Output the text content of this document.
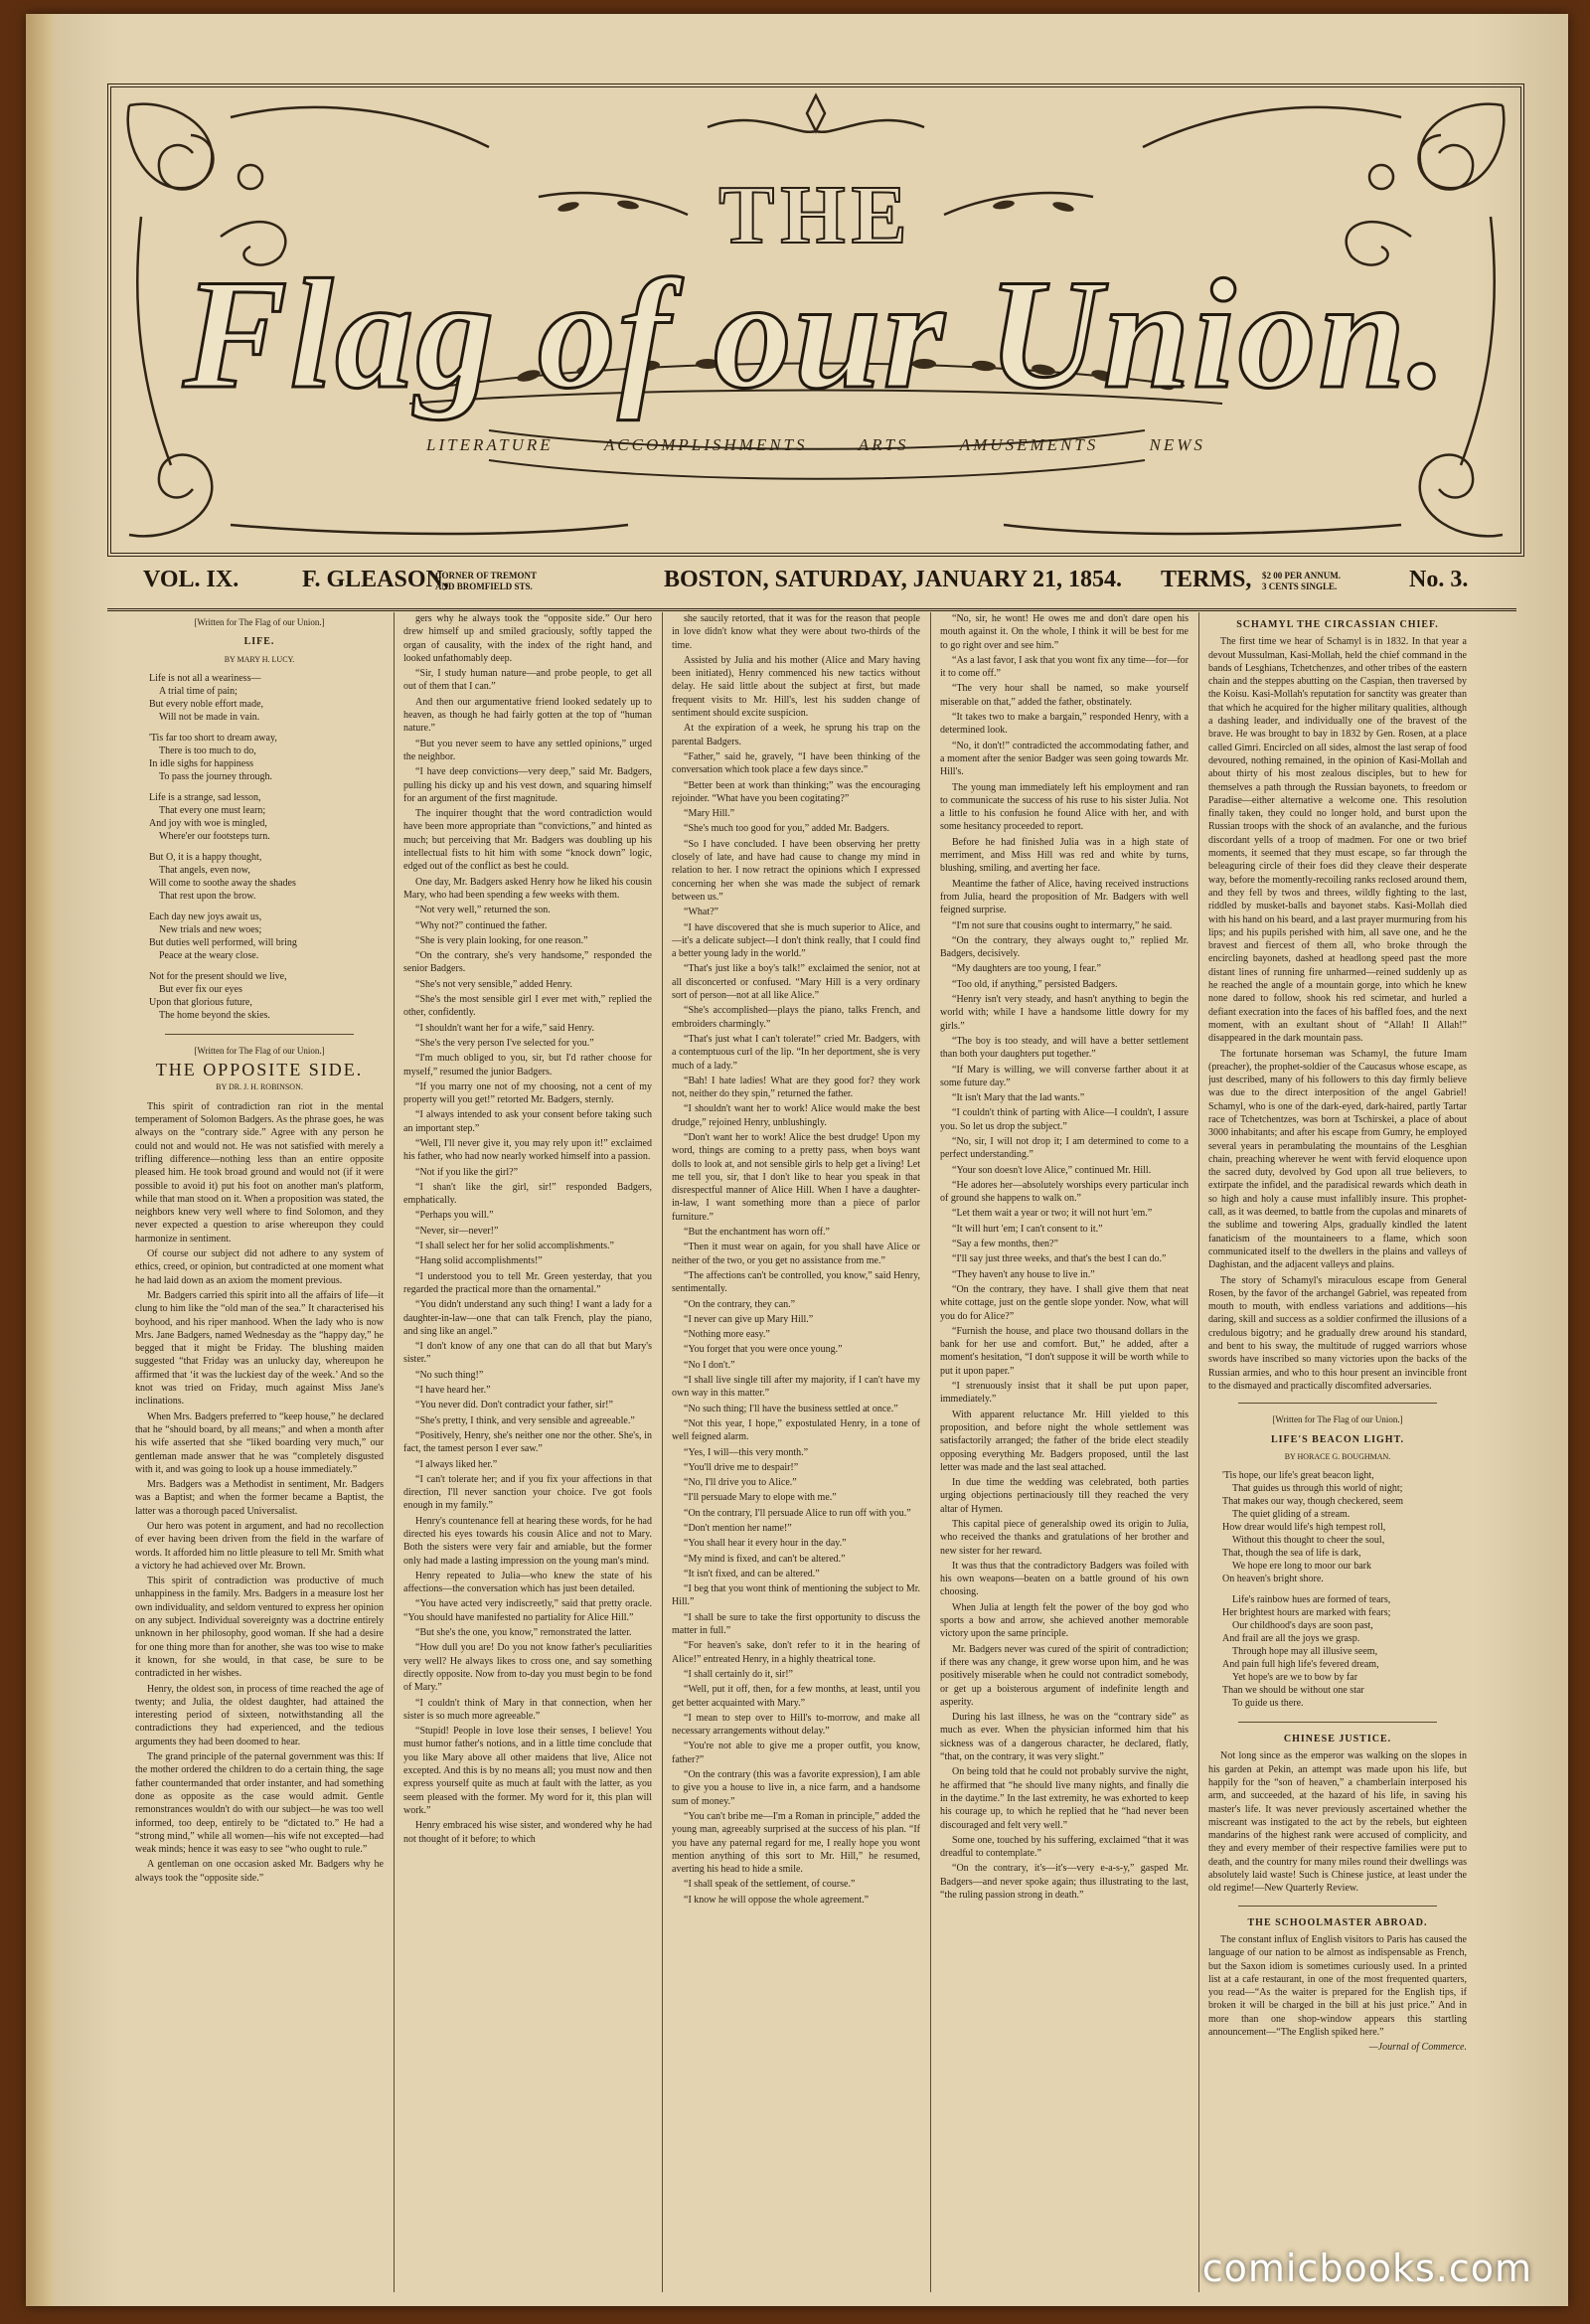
THE
Flag of our Union.
LITERATURE	ACCOMPLISHMENTS	ARTS	AMUSEMENTS	NEWS
VOL. IX.	F. GLEASON,
CORNER OF TREMONT
AND BROMFIELD STS.	BOSTON, SATURDAY, JANUARY 21, 1854. TERMS, $2 00 PER ANNUM.
3 CENTS SINGLE.	No. 3.

[Written for The Flag of our Union.]

LIFE.

BY MARY H. LUCY.

Life is not all a weariness—
A trial time of pain;
But every noble effort made,
Will not be made in vain.
'Tis far too short to dream away,
There is too much to do,
In idle sighs for happiness
To pass the journey through.
Life is a strange, sad lesson,
That every one must learn;
And joy with woe is mingled,
Where'er our footsteps turn.
But O, it is a happy thought,
That angels, even now,
Will come to soothe away the shades
That rest upon the brow.
Each day new joys await us,
New trials and new woes;
But duties well performed, will bring
Peace at the weary close.
Not for the present should we live,
But ever fix our eyes
Upon that glorious future,
The home beyond the skies.

[Written for The Flag of our Union.]

THE OPPOSITE SIDE.

BY DR. J. H. ROBINSON.

This spirit of contradiction ran riot in the mental temperament of Solomon Badgers. As the phrase goes, he was always on the “contrary side.” Agree with any person he could not and would not. He was not satisfied with merely a trifling difference—nothing less than an entire opposite pleased him. He took broad ground and would not (if it were possible to avoid it) put his foot on another man's platform, while that man stood on it. When a proposition was stated, the neighbors knew very well where to find Solomon, and they never expected a question to arise whereupon they could harmonize in sentiment.

Of course our subject did not adhere to any system of ethics, creed, or opinion, but contradicted at one moment what he had laid down as an axiom the moment previous.

Mr. Badgers carried this spirit into all the affairs of life—it clung to him like the “old man of the sea.” It characterised his boyhood, and his riper manhood. When the lady who is now Mrs. Jane Badgers, named Wednesday as the “happy day,” he begged that it might be Friday. The blushing maiden suggested “that Friday was an unlucky day, whereupon he affirmed that ‘it was the luckiest day of the week.’ And so the knot was tried on Friday, much against Miss Jane's inclinations.

When Mrs. Badgers preferred to “keep house,” he declared that he “should board, by all means;” and when a month after his wife asserted that she “liked boarding very much,” our gentleman made answer that he was “completely disgusted with it, and was going to look up a house immediately.”

Mrs. Badgers was a Methodist in sentiment, Mr. Badgers was a Baptist; and when the former became a Baptist, the latter was a thorough paced Universalist.

Our hero was potent in argument, and had no recollection of ever having been driven from the field in the warfare of words. It afforded him no little pleasure to tell Mr. Smith what a victory he had achieved over Mr. Brown.

This spirit of contradiction was productive of much unhappiness in the family. Mrs. Badgers in a measure lost her own individuality, and seldom ventured to express her opinion on any subject. Individual sovereignty was a doctrine entirely unknown in her philosophy, good woman. If she had a desire for one thing more than for another, she was too wise to make it known, for she would, in that case, be sure to be contradicted in her wishes.

Henry, the oldest son, in process of time reached the age of twenty; and Julia, the oldest daughter, had attained the interesting period of sixteen, notwithstanding all the contradictions they had experienced, and the tedious arguments they had been doomed to hear.

The grand principle of the paternal government was this: If the mother ordered the children to do a certain thing, the sage father countermanded that order instanter, and had something done as opposite as the case would admit. Gentle remonstrances wouldn't do with our subject—he was too well informed, too deep, entirely to be “dictated to.” He had a “strong mind,” while all women—his wife not excepted—had weak minds; hence it was easy to see “who ought to rule.”

A gentleman on one occasion asked Mr. Badgers why he always took the “opposite side.”

gers why he always took the “opposite side.” Our hero drew himself up and smiled graciously, softly tapped the organ of causality, with the index of the right hand, and looked unfathomably deep.

“Sir, I study human nature—and probe people, to get all out of them that I can.”

And then our argumentative friend looked sedately up to heaven, as though he had fairly gotten at the top of “human nature.”

“But you never seem to have any settled opinions,” urged the neighbor.

“I have deep convictions—very deep,” said Mr. Badgers, pulling his dicky up and his vest down, and squaring himself for an argument of the first magnitude.

The inquirer thought that the word contradiction would have been more appropriate than “convictions,” and hinted as much; but perceiving that Mr. Badgers was doubling up his intellectual fists to hit him with some “knock down” logic, edged out of the conflict as best he could.

One day, Mr. Badgers asked Henry how he liked his cousin Mary, who had been spending a few weeks with them.

“Not very well,” returned the son.

“Why not?” continued the father.

“She is very plain looking, for one reason.”

“On the contrary, she's very handsome,” responded the senior Badgers.

“She's not very sensible,” added Henry.

“She's the most sensible girl I ever met with,” replied the other, confidently.

“I shouldn't want her for a wife,” said Henry.

“She's the very person I've selected for you.”

“I'm much obliged to you, sir, but I'd rather choose for myself,” resumed the junior Badgers.

“If you marry one not of my choosing, not a cent of my property will you get!” retorted Mr. Badgers, sternly.

“I always intended to ask your consent before taking such an important step.”

“Well, I'll never give it, you may rely upon it!” exclaimed his father, who had now nearly worked himself into a passion.

“Not if you like the girl?”

“I shan't like the girl, sir!” responded Badgers, emphatically.

“Perhaps you will.”

“Never, sir—never!”

“I shall select her for her solid accomplishments.”

“Hang solid accomplishments!”

“I understood you to tell Mr. Green yesterday, that you regarded the practical more than the ornamental.”

“You didn't understand any such thing! I want a lady for a daughter-in-law—one that can talk French, play the piano, and sing like an angel.”

“I don't know of any one that can do all that but Mary's sister.”

“No such thing!”

“I have heard her.”

“You never did. Don't contradict your father, sir!”

“She's pretty, I think, and very sensible and agreeable.”

“Positively, Henry, she's neither one nor the other. She's, in fact, the tamest person I ever saw.”

“I always liked her.”

“I can't tolerate her; and if you fix your affections in that direction, I'll never sanction your choice. I've got fools enough in my family.”

Henry's countenance fell at hearing these words, for he had directed his eyes towards his cousin Alice and not to Mary. Both the sisters were very fair and amiable, but the former only had made a lasting impression on the young man's mind.

Henry repeated to Julia—who knew the state of his affections—the conversation which has just been detailed.

“You have acted very indiscreetly,” said that pretty oracle. “You should have manifested no partiality for Alice Hill.”

“But she's the one, you know,” remonstrated the latter.

“How dull you are! Do you not know father's peculiarities very well? He always likes to cross one, and say something directly opposite. Now from to-day you must begin to be fond of Mary.”

“I couldn't think of Mary in that connection, when her sister is so much more agreeable.”

“Stupid! People in love lose their senses, I believe! You must humor father's notions, and in a little time conclude that you like Mary above all other maidens that live, Alice not excepted. And this is by no means all; you must now and then express yourself quite as much at fault with the latter, as you seem pleased with the former. My word for it, this plan will work.”

Henry embraced his wise sister, and wondered why he had not thought of it before; to which

she saucily retorted, that it was for the reason that people in love didn't know what they were about two-thirds of the time.

Assisted by Julia and his mother (Alice and Mary having been initiated), Henry commenced his new tactics without delay. He said little about the subject at first, but made frequent visits to Mr. Hill's, lest his sudden change of sentiment should excite suspicion.

At the expiration of a week, he sprung his trap on the parental Badgers.

“Father,” said he, gravely, “I have been thinking of the conversation which took place a few days since.”

“Better been at work than thinking;” was the encouraging rejoinder. “What have you been cogitating?”

“Mary Hill.”

“She's much too good for you,” added Mr. Badgers.

“So I have concluded. I have been observing her pretty closely of late, and have had cause to change my mind in relation to her. I now retract the opinions which I expressed concerning her when she was made the subject of remark between us.”

“What?”

“I have discovered that she is much superior to Alice, and—it's a delicate subject—I don't think really, that I could find a better young lady in the world.”

“That's just like a boy's talk!” exclaimed the senior, not at all disconcerted or confused. “Mary Hill is a very ordinary sort of person—not at all like Alice.”

“She's accomplished—plays the piano, talks French, and embroiders charmingly.”

“That's just what I can't tolerate!” cried Mr. Badgers, with a contemptuous curl of the lip. “In her deportment, she is very much of a lady.”

“Bah! I hate ladies! What are they good for? they work not, neither do they spin,” returned the father.

“I shouldn't want her to work! Alice would make the best drudge,” rejoined Henry, unblushingly.

“Don't want her to work! Alice the best drudge! Upon my word, things are coming to a pretty pass, when boys want dolls to look at, and not sensible girls to help get a living! Let me tell you, sir, that I don't like to hear you speak in that disrespectful manner of Alice Hill. When I have a daughter-in-law, I want something more than a piece of parlor furniture.”

“But the enchantment has worn off.”

“Then it must wear on again, for you shall have Alice or neither of the two, or you get no assistance from me.”

“The affections can't be controlled, you know,” said Henry, sentimentally.

“On the contrary, they can.”

“I never can give up Mary Hill.”

“Nothing more easy.”

“You forget that you were once young.”

“No I don't.”

“I shall live single till after my majority, if I can't have my own way in this matter.”

“No such thing; I'll have the business settled at once.”

“Not this year, I hope,” expostulated Henry, in a tone of well feigned alarm.

“Yes, I will—this very month.”

“You'll drive me to despair!”

“No, I'll drive you to Alice.”

“I'll persuade Mary to elope with me.”

“On the contrary, I'll persuade Alice to run off with you.”

“Don't mention her name!”

“You shall hear it every hour in the day.”

“My mind is fixed, and can't be altered.”

“It isn't fixed, and can be altered.”

“I beg that you wont think of mentioning the subject to Mr. Hill.”

“I shall be sure to take the first opportunity to discuss the matter in full.”

“For heaven's sake, don't refer to it in the hearing of Alice!” entreated Henry, in a highly theatrical tone.

“I shall certainly do it, sir!”

“Well, put it off, then, for a few months, at least, until you get better acquainted with Mary.”

“I mean to step over to Hill's to-morrow, and make all necessary arrangements without delay.”

“You're not able to give me a proper outfit, you know, father?”

“On the contrary (this was a favorite expression), I am able to give you a house to live in, a nice farm, and a handsome sum of money.”

“You can't bribe me—I'm a Roman in principle,” added the young man, agreeably surprised at the success of his plan. “If you have any paternal regard for me, I really hope you wont mention anything of this sort to Mr. Hill,” he resumed, averting his head to hide a smile.

“I shall speak of the settlement, of course.”

“I know he will oppose the whole agreement.”

“No, sir, he wont! He owes me and don't dare open his mouth against it. On the whole, I think it will be best for me to go right over and see him.”

“As a last favor, I ask that you wont fix any time—for—for it to come off.”

“The very hour shall be named, so make yourself miserable on that,” added the father, obstinately.

“It takes two to make a bargain,” responded Henry, with a determined look.

“No, it don't!” contradicted the accommodating father, and a moment after the senior Badger was seen going towards Mr. Hill's.

The young man immediately left his employment and ran to communicate the success of his ruse to his sister Julia. Not a little to his confusion he found Alice with her, and with some hesitancy proceeded to report.

Before he had finished Julia was in a high state of merriment, and Miss Hill was red and white by turns, blushing, smiling, and averting her face.

Meantime the father of Alice, having received instructions from Julia, heard the proposition of Mr. Badgers with well feigned surprise.

“I'm not sure that cousins ought to intermarry,” he said.

“On the contrary, they always ought to,” replied Mr. Badgers, decisively.

“My daughters are too young, I fear.”

“Too old, if anything,” persisted Badgers.

“Henry isn't very steady, and hasn't anything to begin the world with; while I have a handsome little dowry for my girls.”

“The boy is too steady, and will have a better settlement than both your daughters put together.”

“If Mary is willing, we will converse farther about it at some future day.”

“It isn't Mary that the lad wants.”

“I couldn't think of parting with Alice—I couldn't, I assure you. So let us drop the subject.”

“No, sir, I will not drop it; I am determined to come to a perfect understanding.”

“Your son doesn't love Alice,” continued Mr. Hill.

“He adores her—absolutely worships every particular inch of ground she happens to walk on.”

“Let them wait a year or two; it will not hurt 'em.”

“It will hurt 'em; I can't consent to it.”

“Say a few months, then?”

“I'll say just three weeks, and that's the best I can do.”

“They haven't any house to live in.”

“On the contrary, they have. I shall give them that neat white cottage, just on the gentle slope yonder. Now, what will you do for Alice?”

“Furnish the house, and place two thousand dollars in the bank for her use and comfort. But,” he added, after a moment's hesitation, “I don't suppose it will be worth while to put it upon paper.”

“I strenuously insist that it shall be put upon paper, immediately.”

With apparent reluctance Mr. Hill yielded to this proposition, and before night the whole settlement was satisfactorily arranged; the father of the bride elect steadily opposing everything Mr. Badgers proposed, until the last letter was made and the last seal attached.

In due time the wedding was celebrated, both parties urging objections pertinaciously till they reached the very altar of Hymen.

This capital piece of generalship owed its origin to Julia, who received the thanks and gratulations of her brother and new sister for her reward.

It was thus that the contradictory Badgers was foiled with his own weapons—beaten on a battle ground of his own choosing.

When Julia at length felt the power of the boy god who sports a bow and arrow, she achieved another memorable victory upon the same principle.

Mr. Badgers never was cured of the spirit of contradiction; if there was any change, it grew worse upon him, and he was positively miserable when he could not contradict somebody, or get up a boisterous argument of indefinite length and asperity.

During his last illness, he was on the “contrary side” as much as ever. When the physician informed him that his sickness was of a dangerous character, he declared, flatly, “that, on the contrary, it was very slight.”

On being told that he could not probably survive the night, he affirmed that “he should live many nights, and finally die in the daytime.” In the last extremity, he was exhorted to keep his courage up, to which he replied that he “had never been discouraged and felt very well.”

Some one, touched by his suffering, exclaimed “that it was dreadful to contemplate.”

“On the contrary, it's—it's—very e-a-s-y,” gasped Mr. Badgers—and never spoke again; thus illustrating to the last, “the ruling passion strong in death.”

SCHAMYL THE CIRCASSIAN CHIEF.

The first time we hear of Schamyl is in 1832. In that year a devout Mussulman, Kasi-Mollah, held the chief command in the bands of Lesghians, Tchetchenzes, and other tribes of the eastern chain and the steppes abutting on the Caspian, then traversed by the Koisu. Kasi-Mollah's reputation for sanctity was greater than that which he acquired for the higher military qualities, although a dashing leader, and individually one of the bravest of the brave. He was brought to bay in 1832 by Gen. Rosen, at a place called Gimri. Encircled on all sides, almost the last serap of food devoured, nothing remained, in the opinion of Kasi-Mollah and about thirty of his most zealous disciples, but to hew for themselves a path through the Russian bayonets, to freedom or Paradise—either alternative a welcome one. This resolution finally taken, they could no longer hold, and burst upon the Russian troops with the shock of an avalanche, and the furious discordant yells of a troop of madmen. For one or two brief moments, it seemed that they must escape, so far through the beleaguring circle of their foes did they cleave their desperate way, before the momently-recoiling ranks reclosed around them, and they fell by twos and threes, wildly fighting to the last, riddled by musket-balls and bayonet stabs. Kasi-Mollah died with his hand on his beard, and a last prayer murmuring from his lips; and his pupils perished with him, all save one, and he the bravest and fiercest of them all, who broke through the encircling bayonets, dashed at headlong speed past the more distant lines of running fire unharmed—reined suddenly up as he reached the angle of a mountain gorge, into which he knew none dared to follow, shook his red scimetar, and hurled a defiant execration into the faces of his baffled foes, and the next moment, with an exultant shout of “Allah! Il Allah!” disappeared in the dark mountain pass.

The fortunate horseman was Schamyl, the future Imam (preacher), the prophet-soldier of the Caucasus whose escape, as just described, many of his followers to this day firmly believe was due to the direct interposition of the angel Gabriel! Schamyl, who is one of the dark-eyed, dark-haired, partly Tartar race of Tchetchentzes, was born at Tschirskei, a place of about 3000 inhabitants; and after his escape from Gumry, he employed several years in perambulating the mountains of the Lesghian chain, preaching wherever he went with fervid eloquence upon the sacred duty, devolved by God upon all true believers, to extirpate the infidel, and the paradisical rewards which death in so high and holy a cause must infallibly insure. This prophet-call, as it was deemed, to battle from the cupolas and minarets of the sublime and towering Alps, gradually kindled the latent fanaticism of the mountaineers to a flame, which soon communicated itself to the dwellers in the plains and valleys of Daghistan, and the adjacent valleys and plains.

The story of Schamyl's miraculous escape from General Rosen, by the favor of the archangel Gabriel, was repeated from mouth to mouth, with endless variations and additions—his daring, skill and success as a soldier confirmed the illusions of a credulous bigotry; and he gradually drew around his standard, and bent to his sway, the multitude of rugged warriors whose swords have inscribed so many victories upon the backs of the Russian armies, and who to this hour present an invincible front to the dismayed and practically discomfited adversaries.

[Written for The Flag of our Union.]

LIFE'S BEACON LIGHT.

BY HORACE G. BOUGHMAN.

'Tis hope, our life's great beacon light,
That guides us through this world of night;
That makes our way, though checkered, seem
The quiet gliding of a stream.
How drear would life's high tempest roll,
Without this thought to cheer the soul,
That, though the sea of life is dark,
We hope ere long to moor our bark
On heaven's bright shore.
Life's rainbow hues are formed of tears,
Her brightest hours are marked with fears;
Our childhood's days are soon past,
And frail are all the joys we grasp.
Through hope may all illusive seem,
And pain full high life's fevered dream,
Yet hope's are we to bow by far
Than we should be without one star
To guide us there.

CHINESE JUSTICE.

Not long since as the emperor was walking on the slopes in his garden at Pekin, an attempt was made upon his life, but happily for the “son of heaven,” a chamberlain interposed his arm, and succeeded, at the hazard of his life, in saving his master's life. It was never previously ascertained whether the miscreant was instigated to the act by the rebels, but eighteen mandarins of the highest rank were accused of complicity, and they and every member of their respective families were put to death, and the country for many miles round their dwellings was absolutely laid waste! Such is Chinese justice, at least under the old regime!—New Quarterly Review.

THE SCHOOLMASTER ABROAD.

The constant influx of English visitors to Paris has caused the language of our nation to be almost as indispensable as French, but the Saxon idiom is sometimes curiously used. In a printed list at a cafe restaurant, in one of the most frequented quarters, you read—“As the waiter is prepared for the English tips, if broken it will be charged in the bill at his just price.” And in more than one shop-window appears this startling announcement—“The English spiked here.”

—Journal of Commerce.

comicbooks.com
